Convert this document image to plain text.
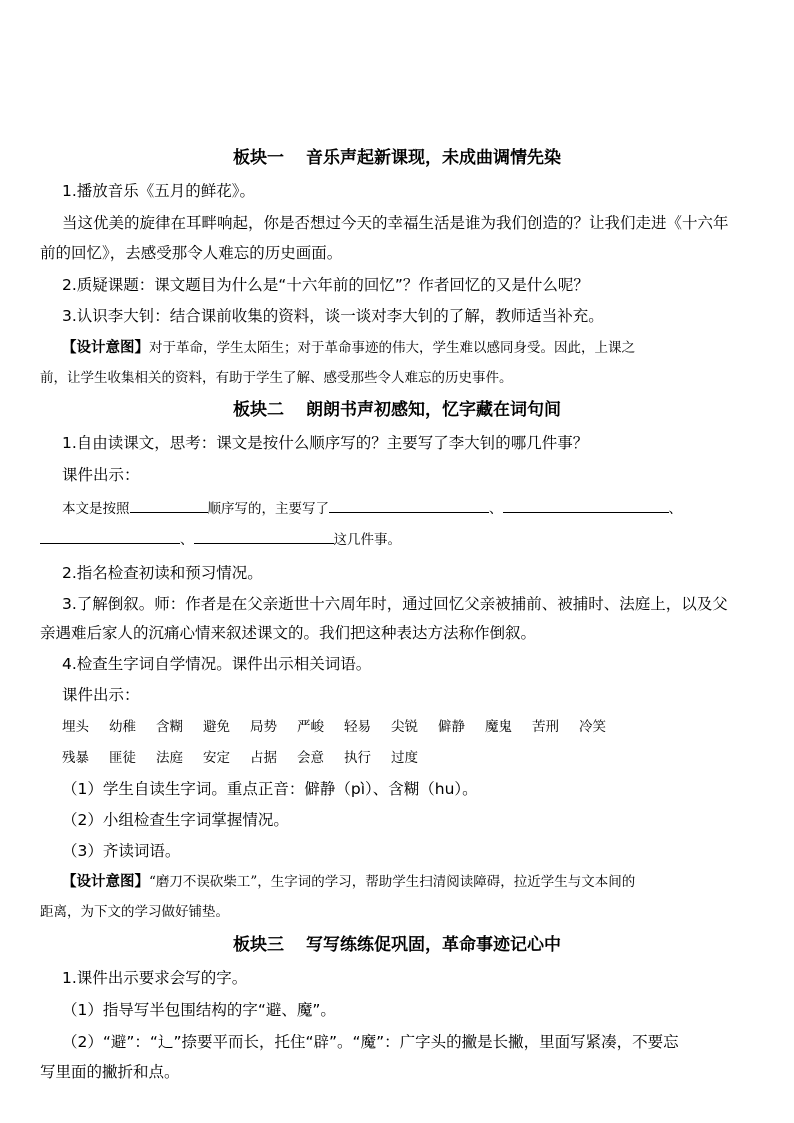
板块一 音乐声起新课现，未成曲调情先染
1.播放音乐《五月的鲜花》。
当这优美的旋律在耳畔响起，你是否想过今天的幸福生活是谁为我们创造的？让我们走进《十六年
前的回忆》，去感受那令人难忘的历史画面。
2.质疑课题：课文题目为什么是“十六年前的回忆”？作者回忆的又是什么呢？
3.认识李大钊：结合课前收集的资料，谈一谈对李大钊的了解，教师适当补充。
【设计意图】对于革命，学生太陌生；对于革命事迹的伟大，学生难以感同身受。因此，上课之
前，让学生收集相关的资料，有助于学生了解、感受那些令人难忘的历史事件。
板块二 朗朗书声初感知，忆字藏在词句间
1.自由读课文，思考：课文是按什么顺序写的？主要写了李大钊的哪几件事？
课件出示：
本文是按照	顺序写的，主要写了	、	、
、	这几件事。
2.指名检查初读和预习情况。
3.了解倒叙。师：作者是在父亲逝世十六周年时，通过回忆父亲被捕前、被捕时、法庭上，以及父
亲遇难后家人的沉痛心情来叙述课文的。我们把这种表达方法称作倒叙。
4.检查生字词自学情况。课件出示相关词语。
课件出示：
埋头 幼稚 含糊 避免 局势 严峻 轻易 尖锐 僻静 魔鬼 苦刑 冷笑
残暴 匪徒 法庭 安定 占据 会意 执行 过度
（1）学生自读生字词。重点正音：僻静（pì）、含糊（hu）。
（2）小组检查生字词掌握情况。
（3）齐读词语。
【设计意图】“磨刀不误砍柴工”，生字词的学习，帮助学生扫清阅读障碍，拉近学生与文本间的
距离，为下文的学习做好铺垫。
板块三 写写练练促巩固，革命事迹记心中
1.课件出示要求会写的字。
（1）指导写半包围结构的字“避、魔”。
（2）“避”：“辶”捺要平而长，托住“辟”。“魔”：广字头的撇是长撇，里面写紧凑，不要忘
写里面的撇折和点。
